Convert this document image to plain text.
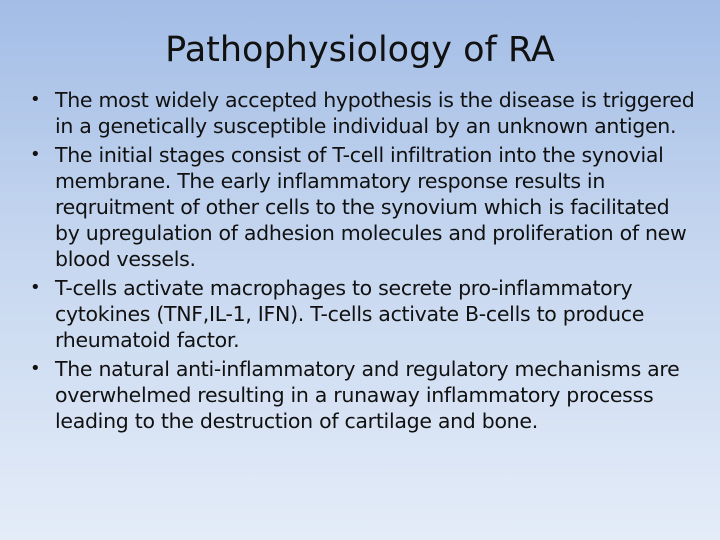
Pathophysiology of RA
• The most widely accepted hypothesis is the disease is triggered in a genetically susceptible individual by an unknown antigen.
• The initial stages consist of T-cell infiltration into the synovial membrane. The early inflammatory response results in reqruitment of other cells to the synovium which is facilitated by upregulation of adhesion molecules and proliferation of new blood vessels.
• T-cells activate macrophages to secrete pro-inflammatory cytokines (TNF,IL-1, IFN). T-cells activate B-cells to produce rheumatoid factor.
• The natural anti-inflammatory and regulatory mechanisms are overwhelmed resulting in a runaway inflammatory processs leading to the destruction of cartilage and bone.
